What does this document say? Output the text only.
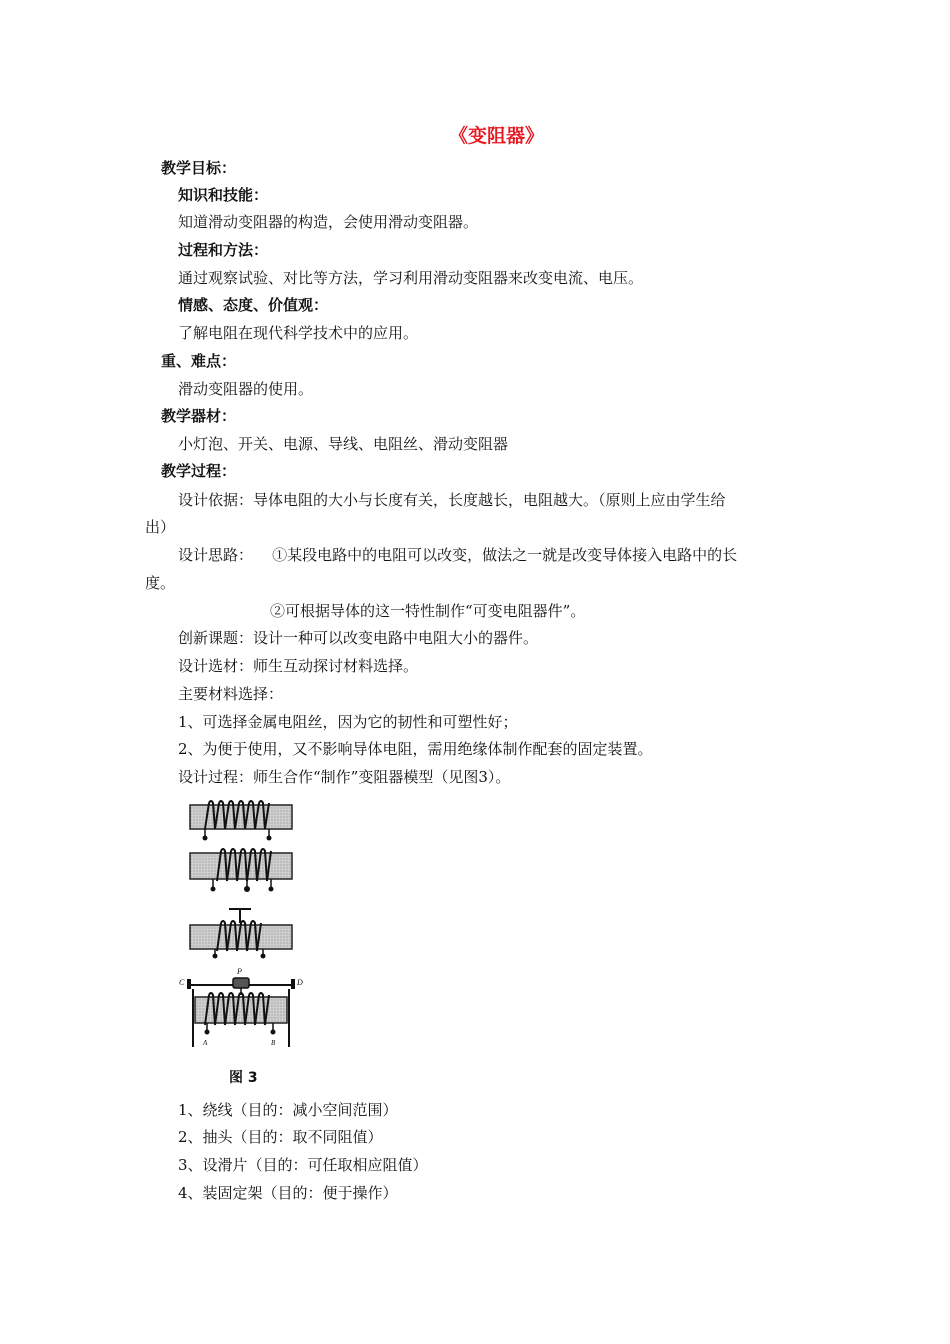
《变阻器》
教学目标：
知识和技能：
知道滑动变阻器的构造，会使用滑动变阻器。
过程和方法：
通过观察试验、对比等方法，学习利用滑动变阻器来改变电流、电压。
情感、态度、价值观：
了解电阻在现代科学技术中的应用。
重、难点：
滑动变阻器的使用。
教学器材：
小灯泡、开关、电源、导线、电阻丝、滑动变阻器
教学过程：
设计依据：导体电阻的大小与长度有关，长度越长，电阻越大。（原则上应由学生给
出）
设计思路：    ①某段电路中的电阻可以改变，做法之一就是改变导体接入电路中的长
度。
②可根据导体的这一特性制作“可变电阻器件”。
创新课题：设计一种可以改变电路中电阻大小的器件。
设计选材：师生互动探讨材料选择。
主要材料选择：
1、可选择金属电阻丝，因为它的韧性和可塑性好；
2、为便于使用，又不影响导体电阻，需用绝缘体制作配套的固定装置。
设计过程：师生合作“制作”变阻器模型（见图3）。
C	D
P
A	B
图 3
1、绕线（目的：减小空间范围）
2、抽头（目的：取不同阻值）
3、设滑片（目的：可任取相应阻值）
4、装固定架（目的：便于操作）
